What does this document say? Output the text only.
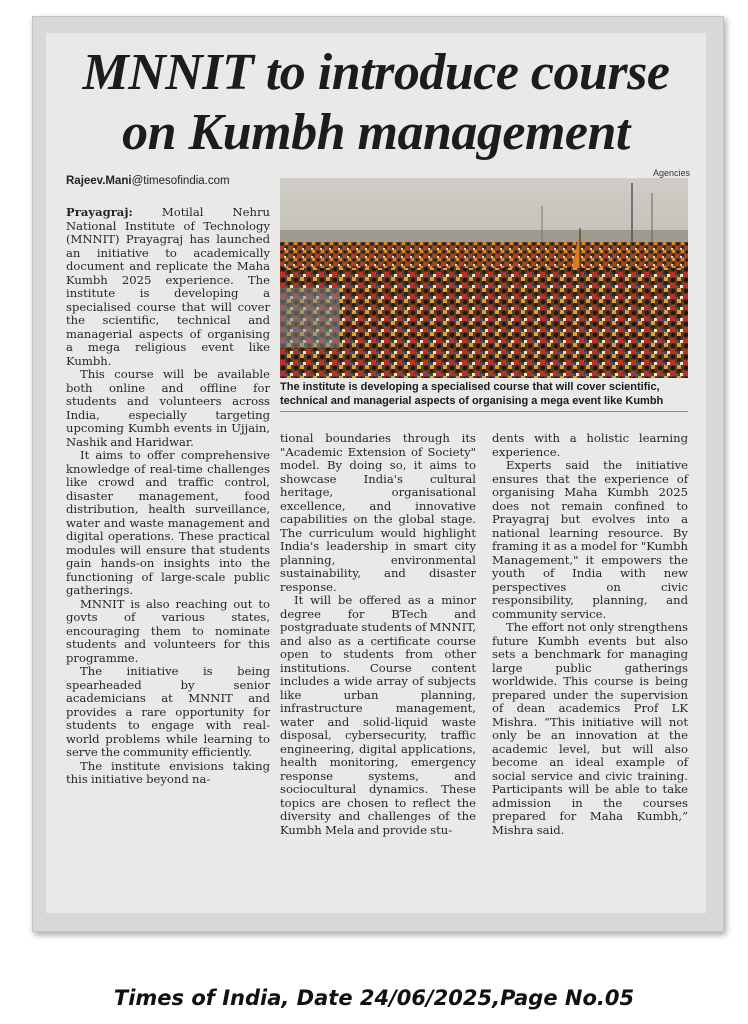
MNNIT to introduce course
on Kumbh management
Rajeev.Mani@timesofindia.com
Agencies
The institute is developing a specialised course that will cover scientific, technical and managerial aspects of organising a mega event like Kumbh

Prayagraj:	Motilal Nehru National Institute of Technology (MNNIT) Prayagraj has launched an initiative to academically document and replicate the Maha Kumbh 2025 experience. The institute is developing a specialised course that will cover the scientific, technical and managerial aspects of organising a mega religious event like Kumbh.

This course will be available both online and offline for students and volunteers across India, especially targeting upcoming Kumbh events in Ujjain, Nashik and Haridwar.

It aims to offer comprehensive knowledge of real-time challenges like crowd and traffic control, disaster management, food distribution, health surveillance, water and waste management and digital operations. These practical modules will ensure that students gain hands-on insights into the functioning of large-scale public gatherings.

MNNIT is also reaching out to govts of various states, encouraging them to nominate students and volunteers for this programme.

The initiative is being spearheaded by senior academicians at MNNIT and provides a rare opportunity for students to engage with real-world problems while learning to serve the community efficiently.

The institute envisions taking this initiative beyond na-

tional boundaries through its "Academic Extension of Society" model. By doing so, it aims to showcase India's cultural heritage, organisational excellence, and innovative capabilities on the global stage. The curriculum would highlight India's leadership in smart city planning, environmental sustainability, and disaster response.

It will be offered as a minor degree for BTech and postgraduate students of MNNIT, and also as a certificate course open to students from other institutions. Course content includes a wide array of subjects like urban planning, infrastructure management, water and solid-liquid waste disposal, cybersecurity, traffic engineering, digital applications, health monitoring, emergency response systems, and sociocultural dynamics. These topics are chosen to reflect the diversity and challenges of the Kumbh Mela and provide stu-

dents with a holistic learning experience.

Experts said the initiative ensures that the experience of organising Maha Kumbh 2025 does not remain confined to Prayagraj but evolves into a national learning resource. By framing it as a model for "Kumbh Management," it empowers the youth of India with new perspectives on civic responsibility, planning, and community service.

The effort not only strengthens future Kumbh events but also sets a benchmark for managing large public gatherings worldwide. This course is being prepared under the supervision of dean academics Prof LK Mishra. “This initiative will not only be an innovation at the academic level, but will also become an ideal example of social service and civic training. Participants will be able to take admission in the courses prepared for Maha Kumbh,” Mishra said.

Times of India, Date 24/06/2025,Page No.05
